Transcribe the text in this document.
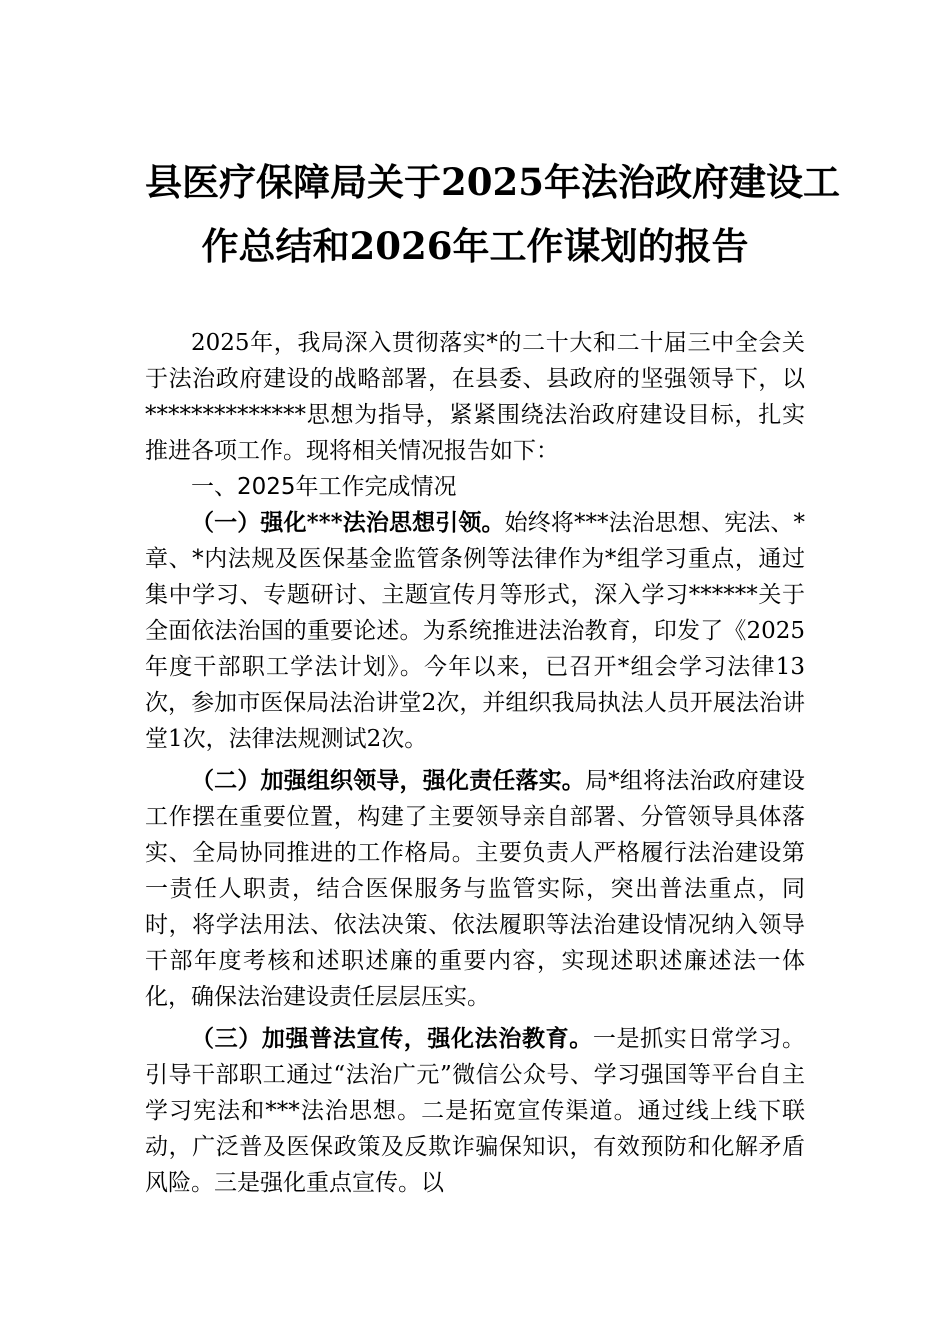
县医疗保障局关于2025年法治政府建设工
作总结和2026年工作谋划的报告

2025年，我局深入贯彻落实*的二十大和二十届三中全会关于法治政府建设的战略部署，在县委、县政府的坚强领导下，以**************思想为指导，紧紧围绕法治政府建设目标，扎实推进各项工作。现将相关情况报告如下：

一、2025年工作完成情况

（一）强化***法治思想引领。始终将***法治思想、宪法、*章、*内法规及医保基金监管条例等法律作为*组学习重点，通过集中学习、专题研讨、主题宣传月等形式，深入学习******关于全面依法治国的重要论述。为系统推进法治教育，印发了《2025年度干部职工学法计划》。今年以来，已召开*组会学习法律13次，参加市医保局法治讲堂2次，并组织我局执法人员开展法治讲堂1次，法律法规测试2次。

（二）加强组织领导，强化责任落实。局*组将法治政府建设工作摆在重要位置，构建了主要领导亲自部署、分管领导具体落实、全局协同推进的工作格局。主要负责人严格履行法治建设第一责任人职责，结合医保服务与监管实际，突出普法重点，同时，将学法用法、依法决策、依法履职等法治建设情况纳入领导干部年度考核和述职述廉的重要内容，实现述职述廉述法一体化，确保法治建设责任层层压实。

（三）加强普法宣传，强化法治教育。一是抓实日常学习。引导干部职工通过“法治广元”微信公众号、学习强国等平台自主学习宪法和***法治思想。二是拓宽宣传渠道。通过线上线下联动，广泛普及医保政策及反欺诈骗保知识，有效预防和化解矛盾风险。三是强化重点宣传。以
